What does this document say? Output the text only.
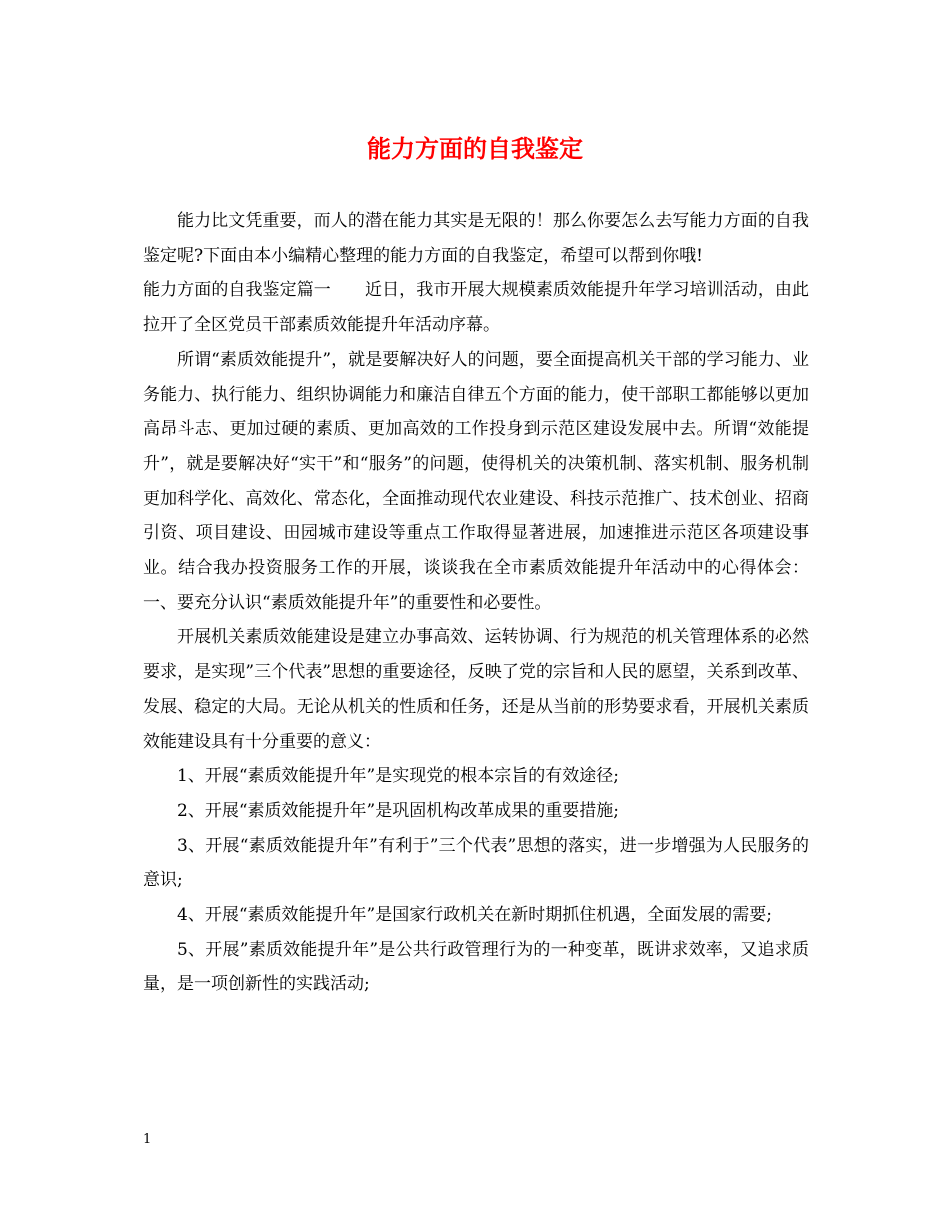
能力方面的自我鉴定

能力比文凭重要，而人的潜在能力其实是无限的！那么你要怎么去写能力方面的自我鉴定呢?下面由本小编精心整理的能力方面的自我鉴定，希望可以帮到你哦!

能力方面的自我鉴定篇一　　近日，我市开展大规模素质效能提升年学习培训活动，由此拉开了全区党员干部素质效能提升年活动序幕。

所谓“素质效能提升”，就是要解决好人的问题，要全面提高机关干部的学习能力、业务能力、执行能力、组织协调能力和廉洁自律五个方面的能力，使干部职工都能够以更加高昂斗志、更加过硬的素质、更加高效的工作投身到示范区建设发展中去。所谓“效能提升”，就是要解决好“实干”和“服务”的问题，使得机关的决策机制、落实机制、服务机制更加科学化、高效化、常态化，全面推动现代农业建设、科技示范推广、技术创业、招商引资、项目建设、田园城市建设等重点工作取得显著进展，加速推进示范区各项建设事业。结合我办投资服务工作的开展，谈谈我在全市素质效能提升年活动中的心得体会：一、要充分认识“素质效能提升年”的重要性和必要性。

开展机关素质效能建设是建立办事高效、运转协调、行为规范的机关管理体系的必然要求，是实现”三个代表”思想的重要途径，反映了党的宗旨和人民的愿望，关系到改革、发展、稳定的大局。无论从机关的性质和任务，还是从当前的形势要求看，开展机关素质效能建设具有十分重要的意义：

1、开展“素质效能提升年”是实现党的根本宗旨的有效途径;

2、开展“素质效能提升年”是巩固机构改革成果的重要措施;

3、开展“素质效能提升年”有利于”三个代表”思想的落实，进一步增强为人民服务的意识;

4、开展“素质效能提升年”是国家行政机关在新时期抓住机遇，全面发展的需要;

5、开展”素质效能提升年”是公共行政管理行为的一种变革，既讲求效率，又追求质量，是一项创新性的实践活动;

1
